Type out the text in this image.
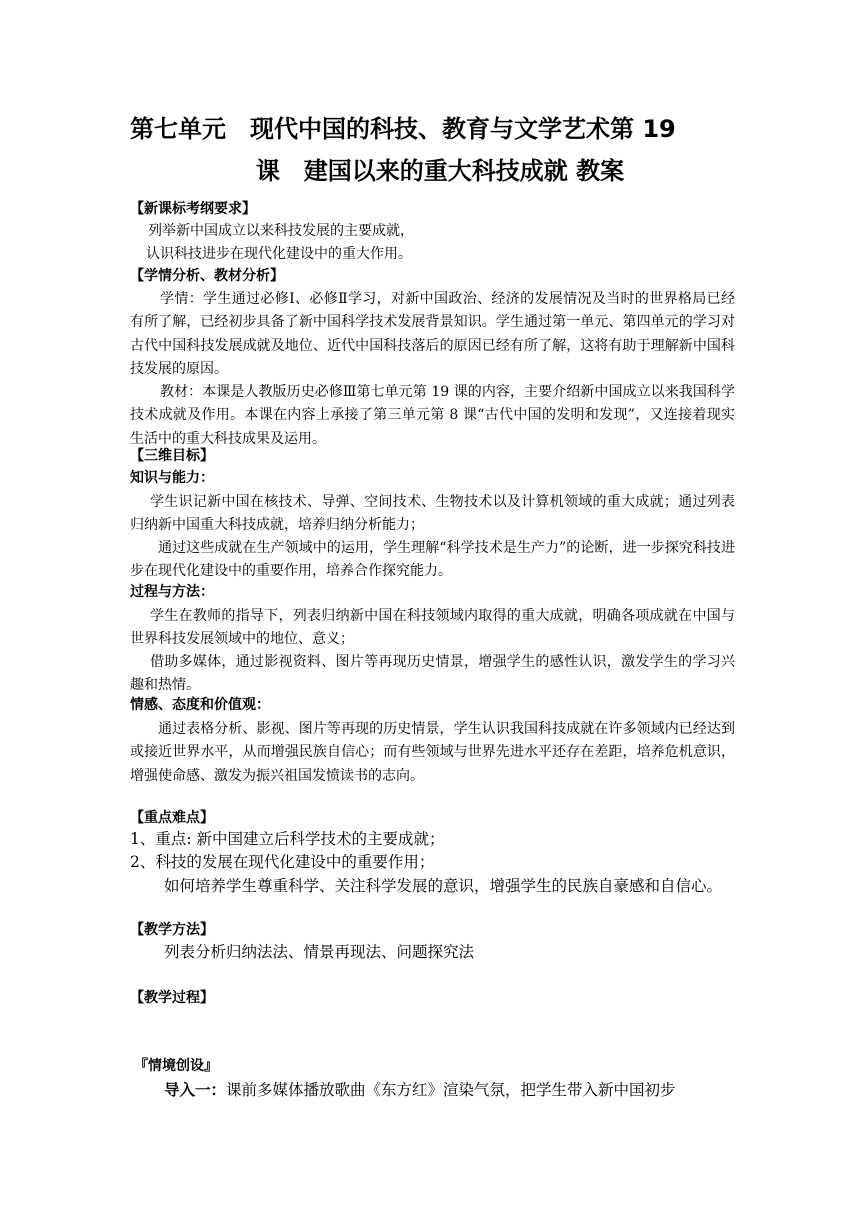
第七单元　现代中国的科技、教育与文学艺术第 19
课　建国以来的重大科技成就 教案
【新课标考纲要求】
列举新中国成立以来科技发展的主要成就，
认识科技进步在现代化建设中的重大作用。
【学情分析、教材分析】
学情：学生通过必修Ⅰ、必修Ⅱ学习，对新中国政治、经济的发展情况及当时的世界格局已经有所了解，已经初步具备了新中国科学技术发展背景知识。学生通过第一单元、第四单元的学习对古代中国科技发展成就及地位、近代中国科技落后的原因已经有所了解，这将有助于理解新中国科技发展的原因。
教材：本课是人教版历史必修Ⅲ第七单元第 19 课的内容，主要介绍新中国成立以来我国科学技术成就及作用。本课在内容上承接了第三单元第 8 课“古代中国的发明和发现”，又连接着现实生活中的重大科技成果及运用。
【三维目标】
知识与能力：
学生识记新中国在核技术、导弹、空间技术、生物技术以及计算机领域的重大成就；通过列表归纳新中国重大科技成就，培养归纳分析能力；
通过这些成就在生产领域中的运用，学生理解“科学技术是生产力”的论断，进一步探究科技进步在现代化建设中的重要作用，培养合作探究能力。
过程与方法：
学生在教师的指导下，列表归纳新中国在科技领域内取得的重大成就，明确各项成就在中国与世界科技发展领域中的地位、意义；
借助多媒体，通过影视资料、图片等再现历史情景，增强学生的感性认识，激发学生的学习兴趣和热情。
情感、态度和价值观：
通过表格分析、影视、图片等再现的历史情景，学生认识我国科技成就在许多领域内已经达到或接近世界水平，从而增强民族自信心；而有些领域与世界先进水平还存在差距，培养危机意识，增强使命感、激发为振兴祖国发愤读书的志向。
【重点难点】
1、重点: 新中国建立后科学技术的主要成就；
2、科技的发展在现代化建设中的重要作用；
如何培养学生尊重科学、关注科学发展的意识，增强学生的民族自豪感和自信心。
【教学方法】
列表分析归纳法法、情景再现法、问题探究法
【教学过程】
『情境创设』
导入一：课前多媒体播放歌曲《东方红》渲染气氛，把学生带入新中国初步
